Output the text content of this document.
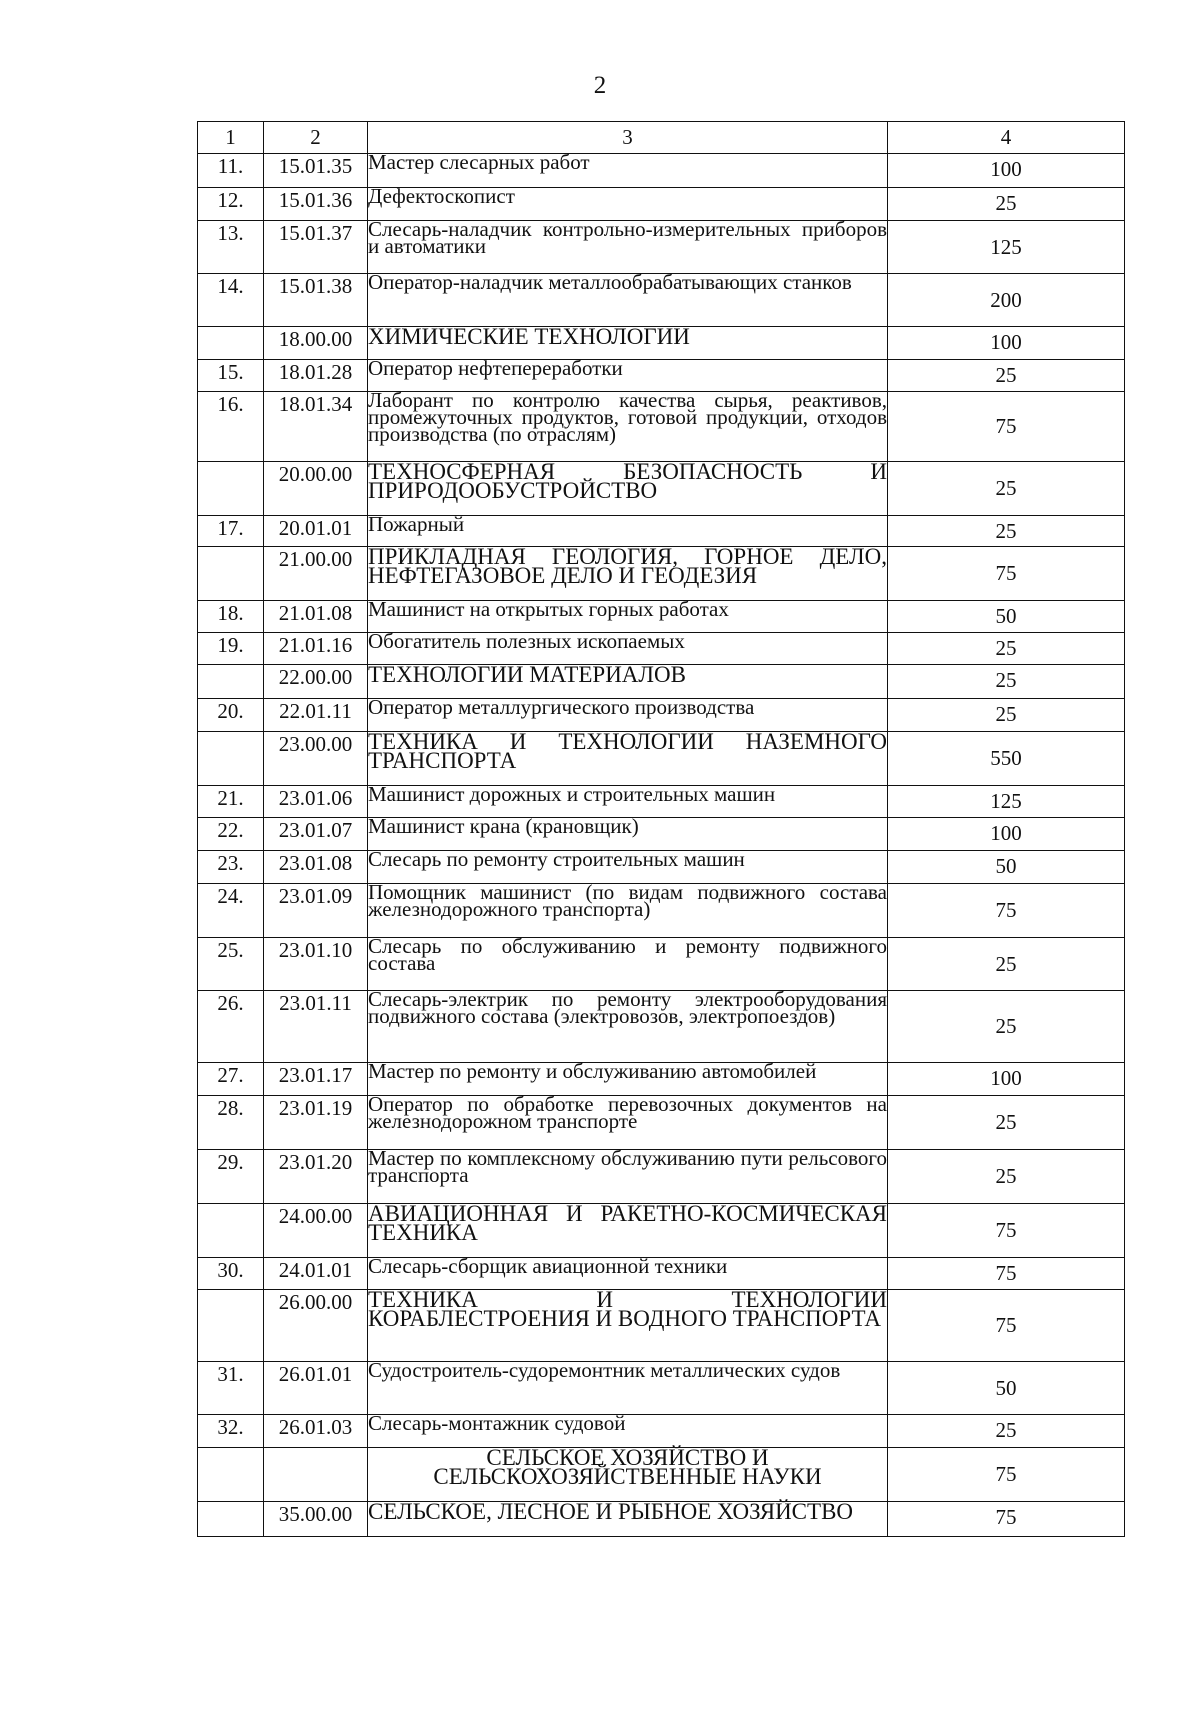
2
1	2	3	4
11.	15.01.35	Мастер слесарных работ	100
12.	15.01.36	Дефектоскопист	25
13.	15.01.37	Слесарь-наладчик контрольно-измерительных приборов и автоматики	125
14.	15.01.38	Оператор-наладчик металлообрабатывающих станков	200
	18.00.00	ХИМИЧЕСКИЕ ТЕХНОЛОГИИ	100
15.	18.01.28	Оператор нефтепереработки	25
16.	18.01.34	Лаборант по контролю качества сырья, реактивов, промежуточных продуктов, готовой продукции, отходов производства (по отраслям)	75
	20.00.00	ТЕХНОСФЕРНАЯ БЕЗОПАСНОСТЬ И ПРИРОДООБУСТРОЙСТВО	25
17.	20.01.01	Пожарный	25
	21.00.00	ПРИКЛАДНАЯ ГЕОЛОГИЯ, ГОРНОЕ ДЕЛО, НЕФТЕГАЗОВОЕ ДЕЛО И ГЕОДЕЗИЯ	75
18.	21.01.08	Машинист на открытых горных работах	50
19.	21.01.16	Обогатитель полезных ископаемых	25
	22.00.00	ТЕХНОЛОГИИ МАТЕРИАЛОВ	25
20.	22.01.11	Оператор металлургического производства	25
	23.00.00	ТЕХНИКА И ТЕХНОЛОГИИ НАЗЕМНОГО ТРАНСПОРТА	550
21.	23.01.06	Машинист дорожных и строительных машин	125
22.	23.01.07	Машинист крана (крановщик)	100
23.	23.01.08	Слесарь по ремонту строительных машин	50
24.	23.01.09	Помощник машинист (по видам подвижного состава железнодорожного транспорта)	75
25.	23.01.10	Слесарь по обслуживанию и ремонту подвижного состава	25
26.	23.01.11	Слесарь-электрик по ремонту электрооборудования подвижного состава (электровозов, электропоездов)	25
27.	23.01.17	Мастер по ремонту и обслуживанию автомобилей	100
28.	23.01.19	Оператор по обработке перевозочных документов на железнодорожном транспорте	25
29.	23.01.20	Мастер по комплексному обслуживанию пути рельсового транспорта	25
	24.00.00	АВИАЦИОННАЯ И РАКЕТНО-КОСМИЧЕСКАЯ ТЕХНИКА	75
30.	24.01.01	Слесарь-сборщик авиационной техники	75
	26.00.00	ТЕХНИКА И ТЕХНОЛОГИИ КОРАБЛЕСТРОЕНИЯ И ВОДНОГО ТРАНСПОРТА	75
31.	26.01.01	Судостроитель-судоремонтник металлических судов	50
32.	26.01.03	Слесарь-монтажник судовой	25
		СЕЛЬСКОЕ ХОЗЯЙСТВО И СЕЛЬСКОХОЗЯЙСТВЕННЫЕ НАУКИ	75
	35.00.00	СЕЛЬСКОЕ, ЛЕСНОЕ И РЫБНОЕ ХОЗЯЙСТВО	75
